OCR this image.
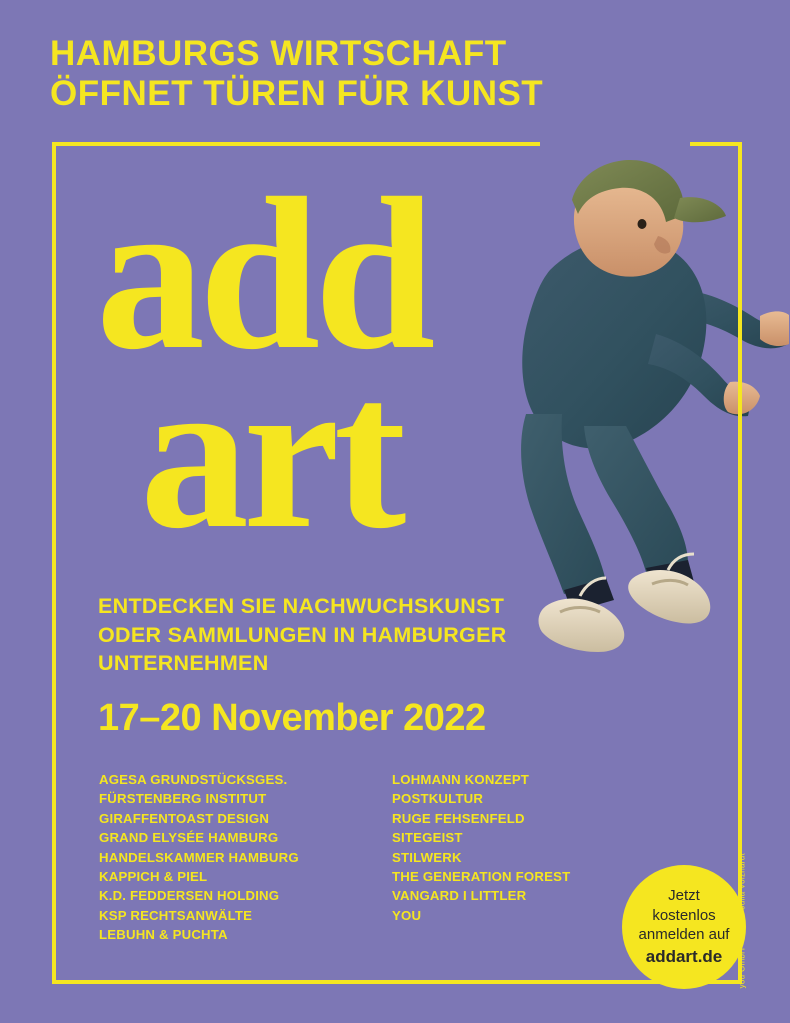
HAMBURGS WIRTSCHAFT
ÖFFNET TÜREN FÜR KUNST
add
art
ENTDECKEN SIE NACHWUCHSKUNST
ODER SAMMLUNGEN IN HAMBURGER
UNTERNEHMEN
17–20 November 2022
AGESA GRUNDSTÜCKSGES.
FÜRSTENBERG INSTITUT
GIRAFFENTOAST DESIGN
GRAND ELYSÉE HAMBURG
HANDELSKAMMER HAMBURG
KAPPICH & PIEL
K.D. FEDDERSEN HOLDING
KSP RECHTSANWÄLTE
LEBUHN & PUCHTA
LOHMANN KONZEPT
POSTKULTUR
RUGE FEHSENFELD
SITEGEIST
STILWERK
THE GENERATION FOREST
VANGARD I LITTLER
YOU
Jetzt
kostenlos
anmelden auf
addart.de you GmbH Motiv: Julia Volzhardt
